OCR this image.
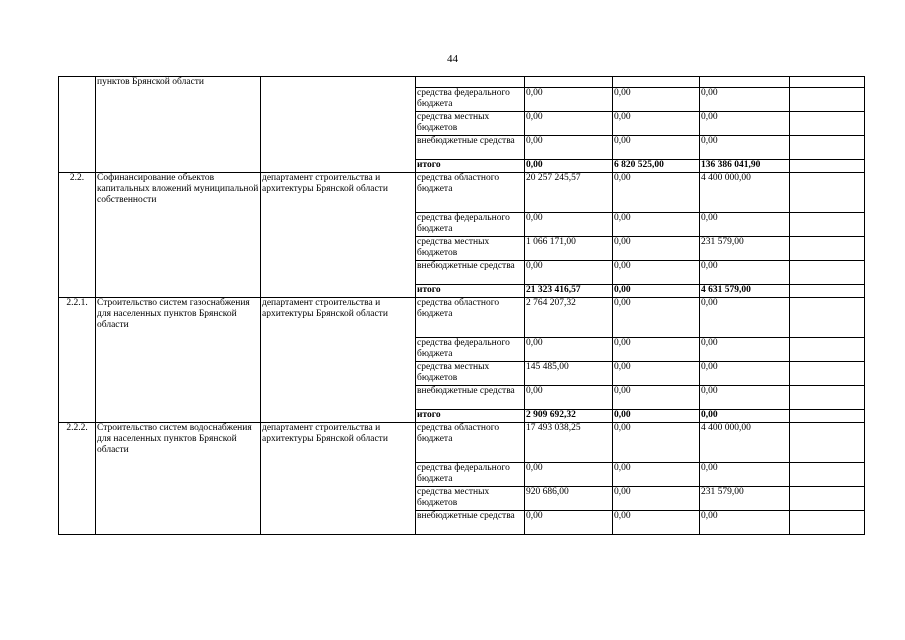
44
	пунктов Брянской области						
			средства федерального бюджета	0,00	0,00	0,00	
			средства местных бюджетов	0,00	0,00	0,00	
			внебюджетные средства	0,00	0,00	0,00	
			итого	0,00	6 820 525,00	136 386 041,90	
2.2.	Софинансирование объектов капитальных вложений муниципальной собственности	департамент строительства и архитектуры Брянской области	средства областного бюджета	20 257 245,57	0,00	4 400 000,00	
			средства федерального бюджета	0,00	0,00	0,00	
			средства местных бюджетов	1 066 171,00	0,00	231 579,00	
			внебюджетные средства	0,00	0,00	0,00	
			итого	21 323 416,57	0,00	4 631 579,00	
2.2.1.	Строительство систем газоснабжения для населенных пунктов Брянской области	департамент строительства и архитектуры Брянской области	средства областного бюджета	2 764 207,32	0,00	0,00	
			средства федерального бюджета	0,00	0,00	0,00	
			средства местных бюджетов	145 485,00	0,00	0,00	
			внебюджетные средства	0,00	0,00	0,00	
			итого	2 909 692,32	0,00	0,00	
2.2.2.	Строительство систем водоснабжения для населенных пунктов Брянской области	департамент строительства и архитектуры Брянской области	средства областного бюджета	17 493 038,25	0,00	4 400 000,00	
			средства федерального бюджета	0,00	0,00	0,00	
			средства местных бюджетов	920 686,00	0,00	231 579,00	
			внебюджетные средства	0,00	0,00	0,00	
